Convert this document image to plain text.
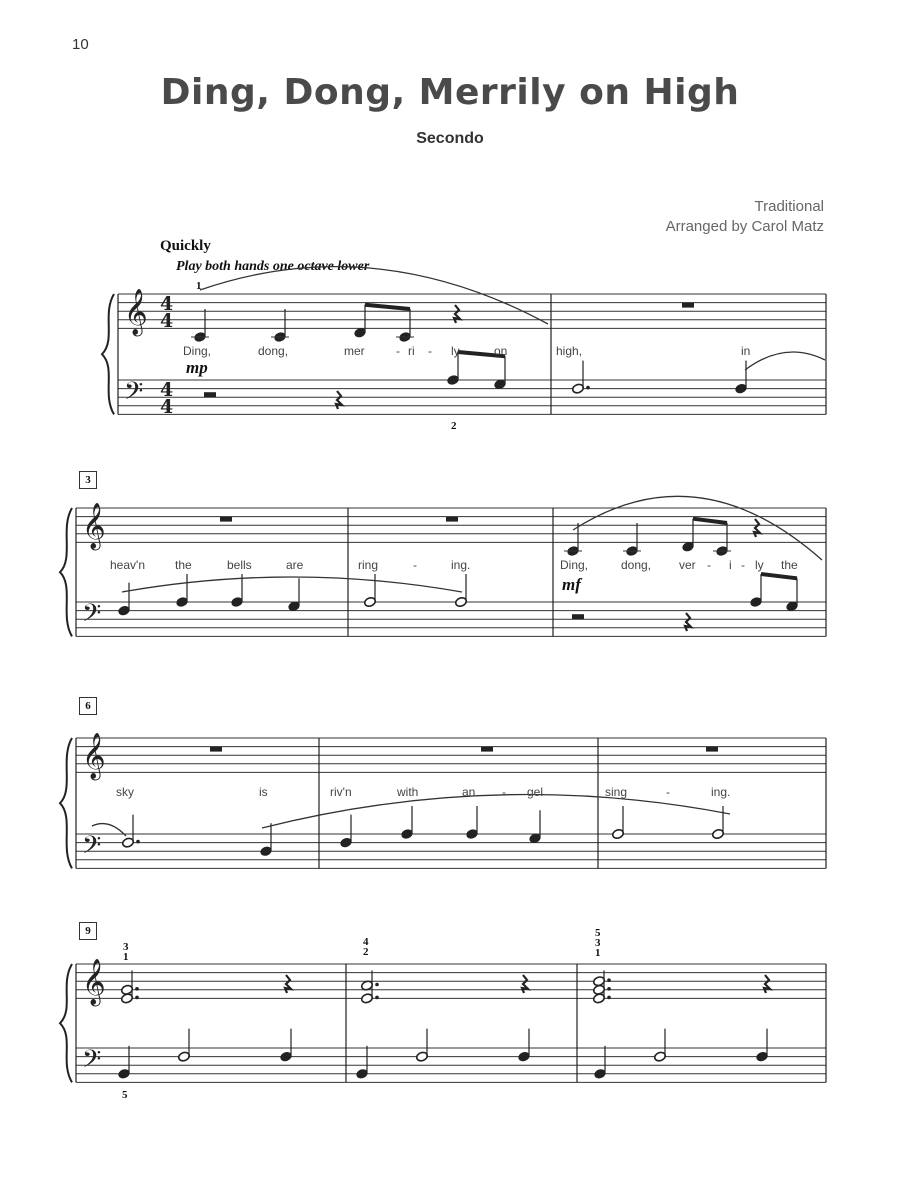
10
Ding, Dong, Merrily on High
Secondo
Traditional
Arranged by Carol Matz
Quickly
Play both hands one octave lower
𝄞
𝄢
4
4
4
4
𝄞
𝄢
𝄞
𝄢
𝄞
𝄢
3
6
9
mp
mf
1
2
3
1
4
2
5
3
1
5
Ding,	dong,	mer	- ri - ly	on	high,	in
heav'n	the	bells	are	ring	-	ing.	Ding,	dong, ver - i - ly the
sky	is	riv'n	with	an - gel	sing	-	ing.
